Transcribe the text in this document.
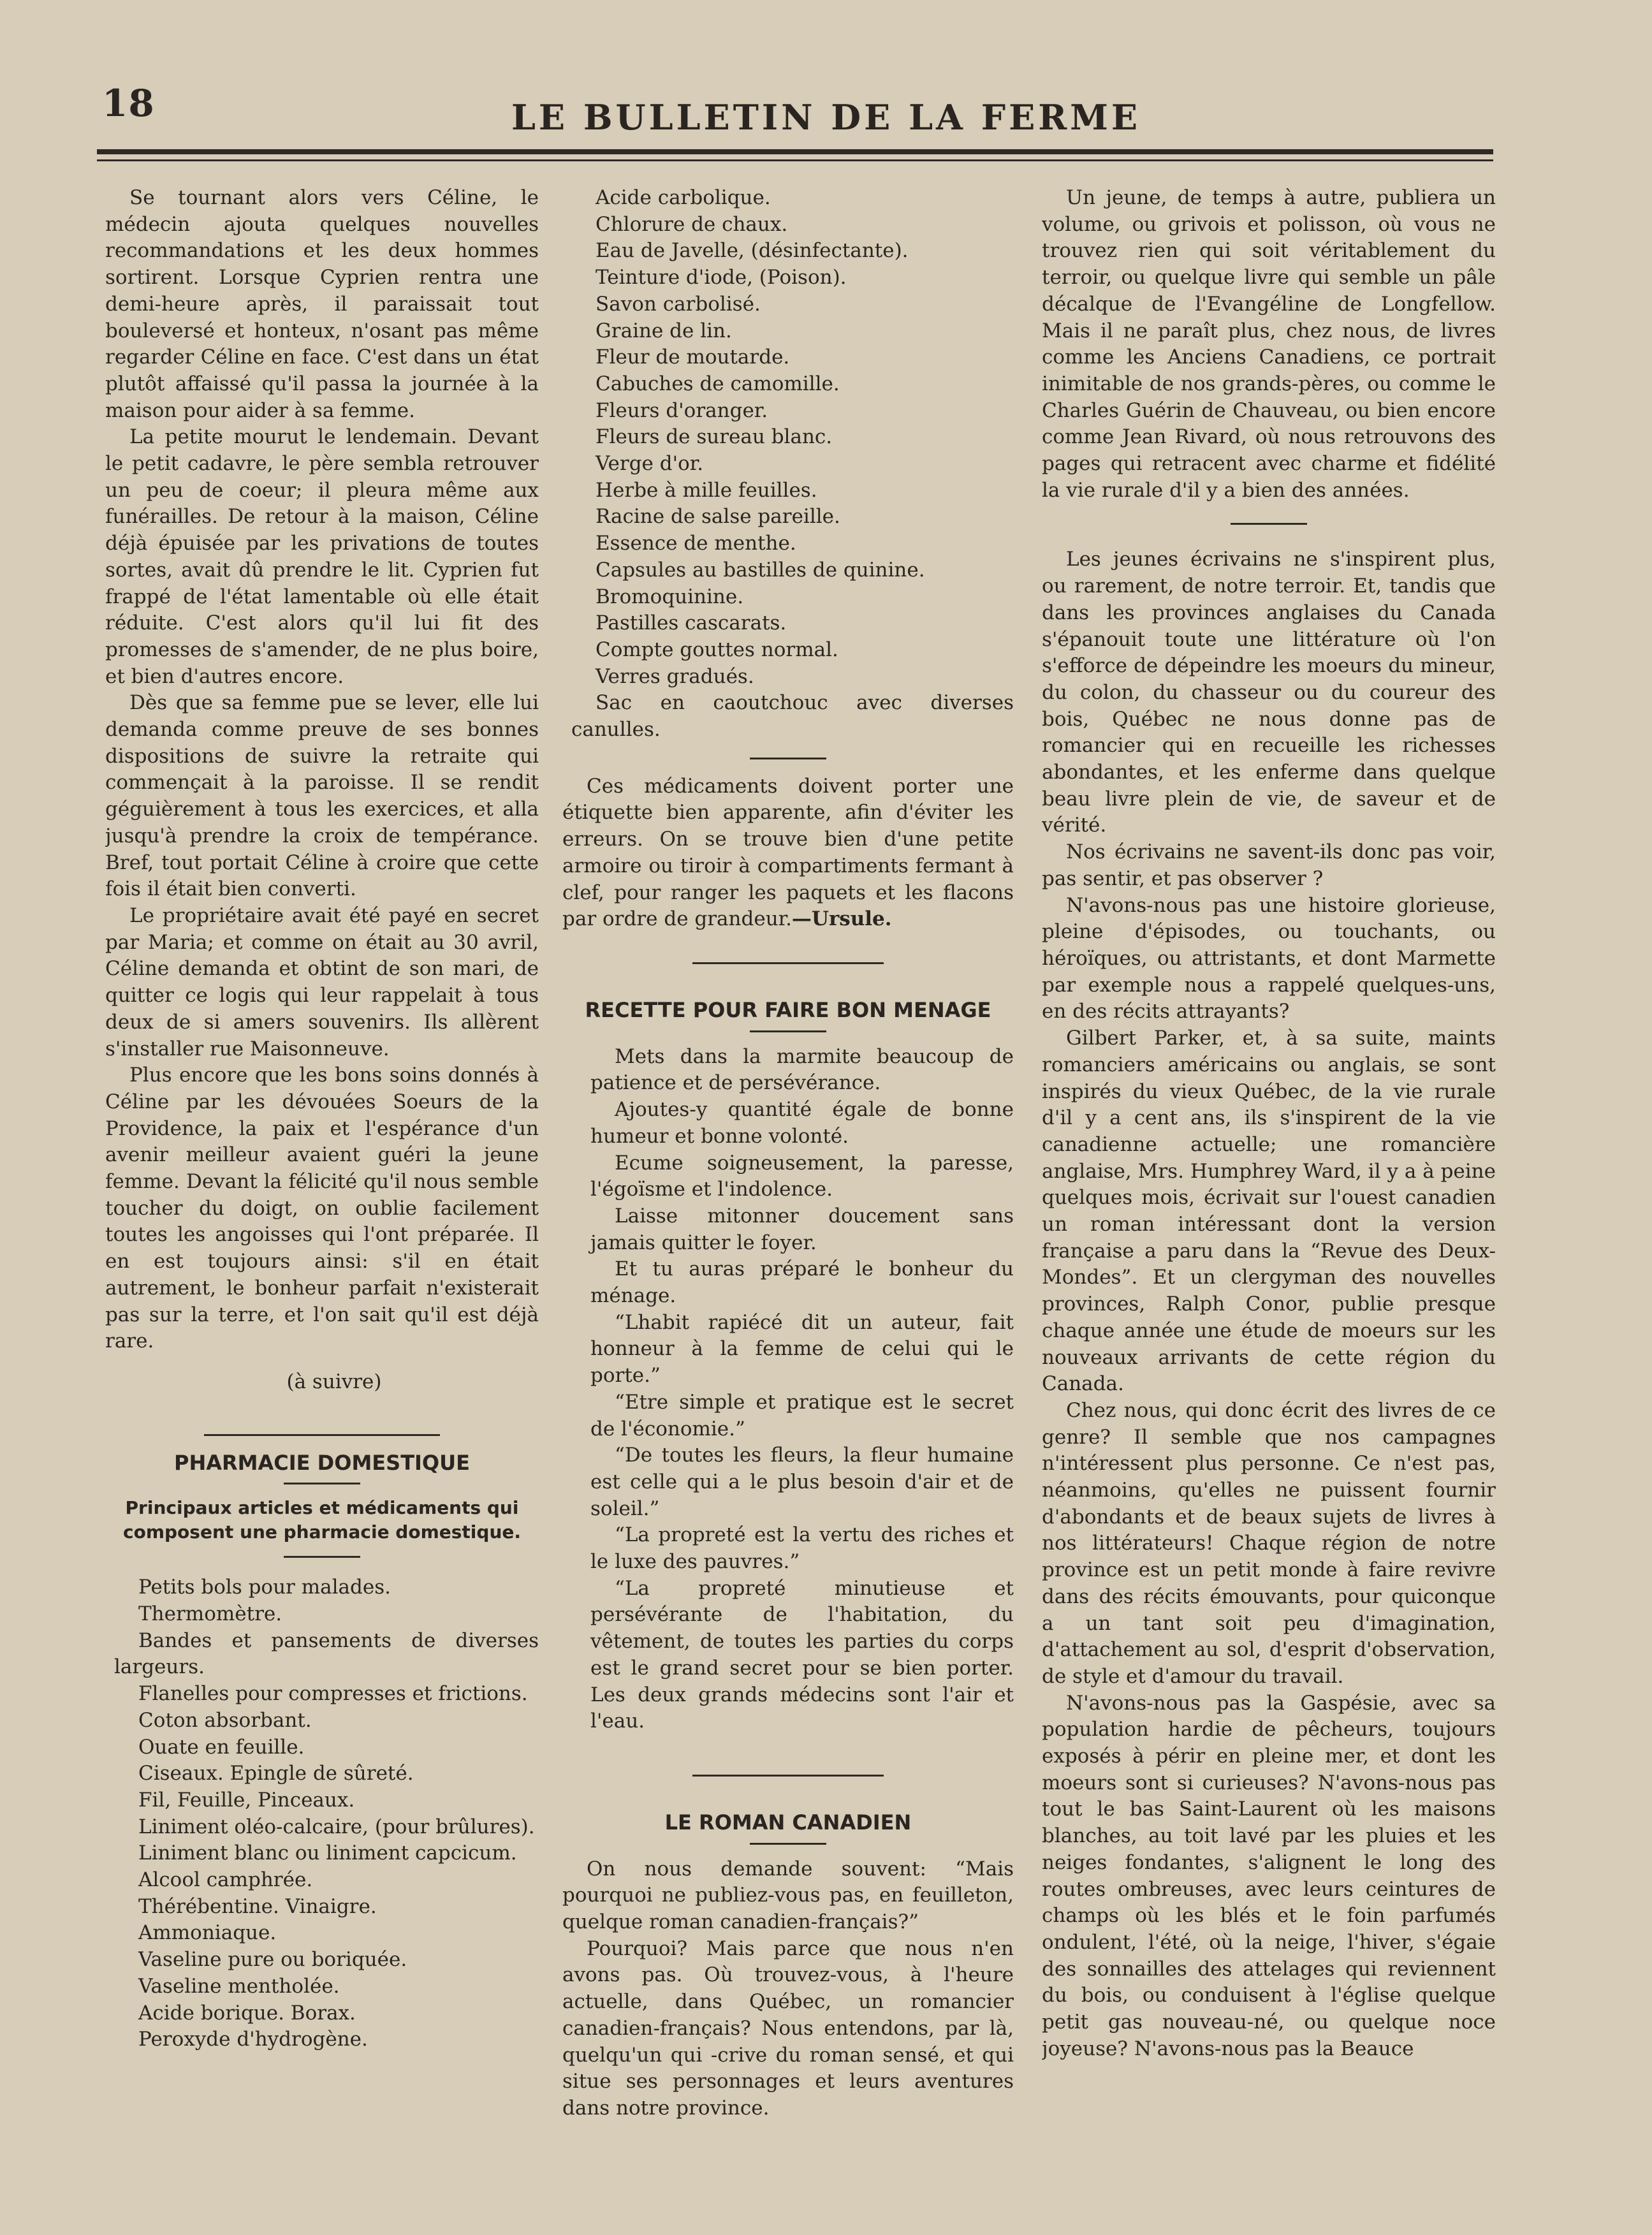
18	LE BULLETIN DE LA FERME

Se tournant alors vers Céline, le médecin ajouta quelques nouvelles recommandations et les deux hommes sortirent. Lorsque Cyprien rentra une demi-heure après, il paraissait tout bouleversé et honteux, n'osant pas même regarder Céline en face. C'est dans un état plutôt affaissé qu'il passa la journée à la maison pour aider à sa femme.

La petite mourut le lendemain. Devant le petit cadavre, le père sembla retrouver un peu de coeur; il pleura même aux funérailles. De retour à la maison, Céline déjà épuisée par les privations de toutes sortes, avait dû prendre le lit. Cyprien fut frappé de l'état lamentable où elle était réduite. C'est alors qu'il lui fit des promesses de s'amender, de ne plus boire, et bien d'autres encore.

Dès que sa femme pue se lever, elle lui demanda comme preuve de ses bonnes dispositions de suivre la retraite qui commençait à la paroisse. Il se rendit géguièrement à tous les exercices, et alla jusqu'à prendre la croix de tempérance. Bref, tout portait Céline à croire que cette fois il était bien converti.

Le propriétaire avait été payé en secret par Maria; et comme on était au 30 avril, Céline demanda et obtint de son mari, de quitter ce logis qui leur rappelait à tous deux de si amers souvenirs. Ils allèrent s'installer rue Maisonneuve.

Plus encore que les bons soins donnés à Céline par les dévouées Soeurs de la Providence, la paix et l'espérance d'un avenir meilleur avaient guéri la jeune femme. Devant la félicité qu'il nous semble toucher du doigt, on oublie facilement toutes les angoisses qui l'ont préparée. Il en est toujours ainsi: s'il en était autrement, le bonheur parfait n'existerait pas sur la terre, et l'on sait qu'il est déjà rare.

(à suivre)

PHARMACIE DOMESTIQUE
Principaux articles et médicaments qui composent une pharmacie domestique.

Petits bols pour malades.

Thermomètre.

Bandes et pansements de diverses largeurs.

Flanelles pour compresses et frictions.

Coton absorbant.

Ouate en feuille.

Ciseaux. Epingle de sûreté.

Fil, Feuille, Pinceaux.

Liniment oléo-calcaire, (pour brûlures).

Liniment blanc ou liniment capcicum.

Alcool camphrée.

Thérébentine. Vinaigre.

Ammoniaque.

Vaseline pure ou boriquée.

Vaseline mentholée.

Acide borique. Borax.

Peroxyde d'hydrogène.

Acide carbolique.

Chlorure de chaux.

Eau de Javelle, (désinfectante).

Teinture d'iode, (Poison).

Savon carbolisé.

Graine de lin.

Fleur de moutarde.

Cabuches de camomille.

Fleurs d'oranger.

Fleurs de sureau blanc.

Verge d'or.

Herbe à mille feuilles.

Racine de salse pareille.

Essence de menthe.

Capsules au bastilles de quinine.

Bromoquinine.

Pastilles cascarats.

Compte gouttes normal.

Verres gradués.

Sac en caoutchouc avec diverses canulles.

Ces médicaments doivent porter une étiquette bien apparente, afin d'éviter les erreurs. On se trouve bien d'une petite armoire ou tiroir à compartiments fermant à clef, pour ranger les paquets et les flacons par ordre de grandeur.—Ursule.

RECETTE POUR FAIRE BON MENAGE

Mets dans la marmite beaucoup de patience et de persévérance.

Ajoutes-y quantité égale de bonne humeur et bonne volonté.

Ecume soigneusement, la paresse, l'égoïsme et l'indolence.

Laisse mitonner doucement sans jamais quitter le foyer.

Et tu auras préparé le bonheur du ménage.

“Lhabit rapiécé dit un auteur, fait honneur à la femme de celui qui le porte.”

“Etre simple et pratique est le secret de l'économie.”

“De toutes les fleurs, la fleur humaine est celle qui a le plus besoin d'air et de soleil.”

“La propreté est la vertu des riches et le luxe des pauvres.”

“La propreté minutieuse et persévérante de l'habitation, du vêtement, de toutes les parties du corps est le grand secret pour se bien porter. Les deux grands médecins sont l'air et l'eau.

LE ROMAN CANADIEN

On nous demande souvent: “Mais pourquoi ne publiez-vous pas, en feuilleton, quelque roman canadien-français?”

Pourquoi? Mais parce que nous n'en avons pas. Où trouvez-vous, à l'heure actuelle, dans Québec, un romancier canadien-français? Nous entendons, par là, quelqu'un qui -crive du roman sensé, et qui situe ses personnages et leurs aventures dans notre province.

Un jeune, de temps à autre, publiera un volume, ou grivois et polisson, où vous ne trouvez rien qui soit véritablement du terroir, ou quelque livre qui semble un pâle décalque de l'Evangéline de Longfellow. Mais il ne paraît plus, chez nous, de livres comme les Anciens Canadiens, ce portrait inimitable de nos grands-pères, ou comme le Charles Guérin de Chauveau, ou bien encore comme Jean Rivard, où nous retrouvons des pages qui retracent avec charme et fidélité la vie rurale d'il y a bien des années.

Les jeunes écrivains ne s'inspirent plus, ou rarement, de notre terroir. Et, tandis que dans les provinces anglaises du Canada s'épanouit toute une littérature où l'on s'efforce de dépeindre les moeurs du mineur, du colon, du chasseur ou du coureur des bois, Québec ne nous donne pas de romancier qui en recueille les richesses abondantes, et les enferme dans quelque beau livre plein de vie, de saveur et de vérité.

Nos écrivains ne savent-ils donc pas voir, pas sentir, et pas observer ?

N'avons-nous pas une histoire glorieuse, pleine d'épisodes, ou touchants, ou héroïques, ou attristants, et dont Marmette par exemple nous a rappelé quelques-uns, en des récits attrayants?

Gilbert Parker, et, à sa suite, maints romanciers américains ou anglais, se sont inspirés du vieux Québec, de la vie rurale d'il y a cent ans, ils s'inspirent de la vie canadienne actuelle; une romancière anglaise, Mrs. Humphrey Ward, il y a à peine quelques mois, écrivait sur l'ouest canadien un roman intéressant dont la version française a paru dans la “Revue des Deux-Mondes”. Et un clergyman des nouvelles provinces, Ralph Conor, publie presque chaque année une étude de moeurs sur les nouveaux arrivants de cette région du Canada.

Chez nous, qui donc écrit des livres de ce genre? Il semble que nos campagnes n'intéressent plus personne. Ce n'est pas, néanmoins, qu'elles ne puissent fournir d'abondants et de beaux sujets de livres à nos littérateurs! Chaque région de notre province est un petit monde à faire revivre dans des récits émouvants, pour quiconque a un tant soit peu d'imagination, d'attachement au sol, d'esprit d'observation, de style et d'amour du travail.

N'avons-nous pas la Gaspésie, avec sa population hardie de pêcheurs, toujours exposés à périr en pleine mer, et dont les moeurs sont si curieuses? N'avons-nous pas tout le bas Saint-Laurent où les maisons blanches, au toit lavé par les pluies et les neiges fondantes, s'alignent le long des routes ombreuses, avec leurs ceintures de champs où les blés et le foin parfumés ondulent, l'été, où la neige, l'hiver, s'égaie des sonnailles des attelages qui reviennent du bois, ou conduisent à l'église quelque petit gas nouveau-né, ou quelque noce joyeuse? N'avons-nous pas la Beauce
